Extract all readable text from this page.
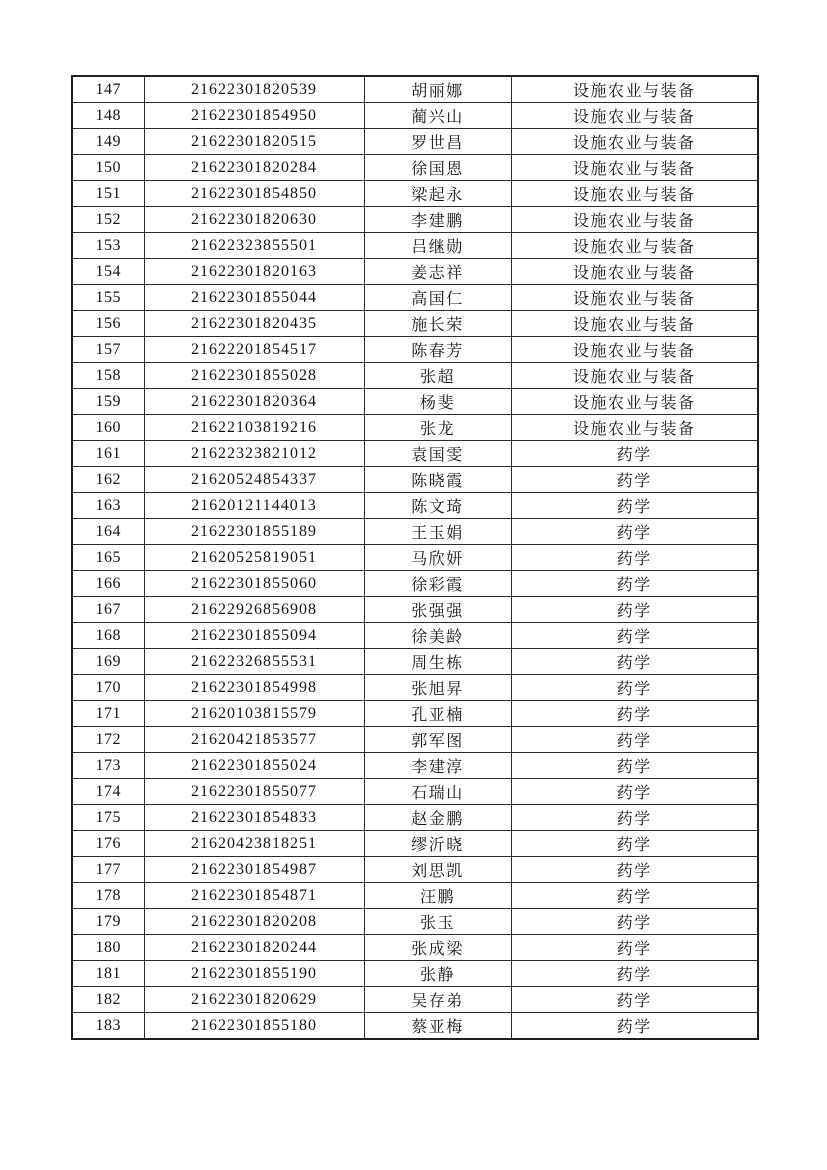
147	21622301820539	胡丽娜	设施农业与装备
148	21622301854950	蔺兴山	设施农业与装备
149	21622301820515	罗世昌	设施农业与装备
150	21622301820284	徐国恩	设施农业与装备
151	21622301854850	梁起永	设施农业与装备
152	21622301820630	李建鹏	设施农业与装备
153	21622323855501	吕继勋	设施农业与装备
154	21622301820163	姜志祥	设施农业与装备
155	21622301855044	高国仁	设施农业与装备
156	21622301820435	施长荣	设施农业与装备
157	21622201854517	陈春芳	设施农业与装备
158	21622301855028	张超	设施农业与装备
159	21622301820364	杨斐	设施农业与装备
160	21622103819216	张龙	设施农业与装备
161	21622323821012	袁国雯	药学
162	21620524854337	陈晓霞	药学
163	21620121144013	陈文琦	药学
164	21622301855189	王玉娟	药学
165	21620525819051	马欣妍	药学
166	21622301855060	徐彩霞	药学
167	21622926856908	张强强	药学
168	21622301855094	徐美龄	药学
169	21622326855531	周生栋	药学
170	21622301854998	张旭昇	药学
171	21620103815579	孔亚楠	药学
172	21620421853577	郭军图	药学
173	21622301855024	李建淳	药学
174	21622301855077	石瑞山	药学
175	21622301854833	赵金鹏	药学
176	21620423818251	缪沂晓	药学
177	21622301854987	刘思凯	药学
178	21622301854871	汪鹏	药学
179	21622301820208	张玉	药学
180	21622301820244	张成梁	药学
181	21622301855190	张静	药学
182	21622301820629	吴存弟	药学
183	21622301855180	蔡亚梅	药学
